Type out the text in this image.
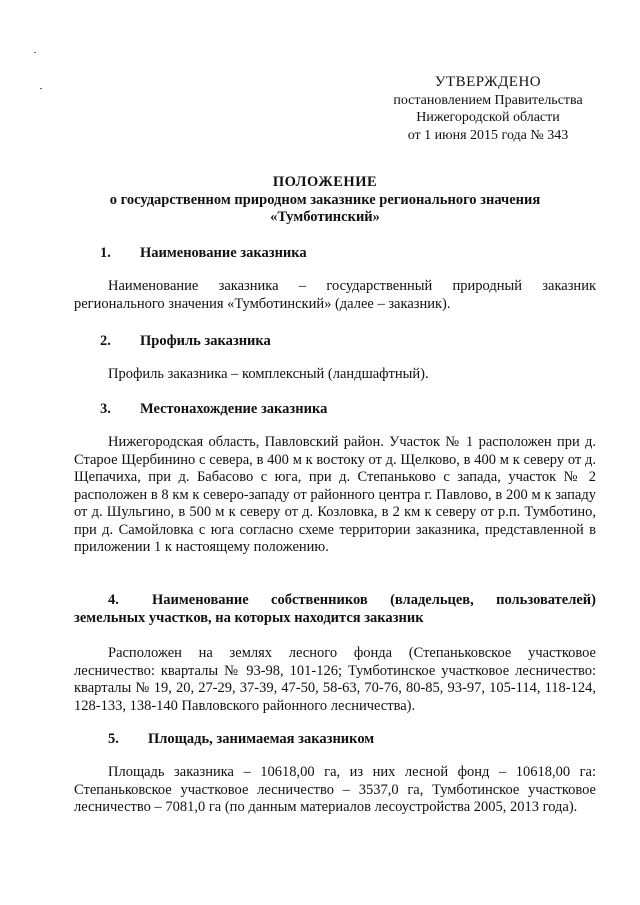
УТВЕРЖДЕНО
постановлением Правительства
Нижегородской области
от 1 июня 2015 года № 343
ПОЛОЖЕНИЕ
о государственном природном заказнике регионального значения
«Тумботинский»
1. Наименование заказника
Наименование заказника – государственный природный заказник регионального значения «Тумботинский» (далее – заказник).
2. Профиль заказника
Профиль заказника – комплексный (ландшафтный).
3. Местонахождение заказника
Нижегородская область, Павловский район. Участок № 1 расположен при д. Старое Щербинино с севера, в 400 м к востоку от д. Щелково, в 400 м к северу от д. Щепачиха, при д. Бабасово с юга, при д. Степаньково с запада, участок № 2 расположен в 8 км к северо-западу от районного центра г. Павлово, в 200 м к западу от д. Шульгино, в 500 м к северу от д. Козловка, в 2 км к северу от р.п. Тумботино, при д. Самойловка с юга согласно схеме территории заказника, представленной в приложении 1 к настоящему положению.
4. Наименование собственников (владельцев, пользователей) земельных участков, на которых находится заказник
Расположен на землях лесного фонда (Степаньковское участковое лесничество: кварталы № 93-98, 101-126; Тумботинское участковое лесничество: кварталы № 19, 20, 27-29, 37-39, 47-50, 58-63, 70-76, 80-85, 93-97, 105-114, 118-124, 128-133, 138-140 Павловского районного лесничества).
5. Площадь, занимаемая заказником
Площадь заказника – 10618,00 га, из них лесной фонд – 10618,00 га: Степаньковское участковое лесничество – 3537,0 га, Тумботинское участковое лесничество – 7081,0 га (по данным материалов лесоустройства 2005, 2013 года).
